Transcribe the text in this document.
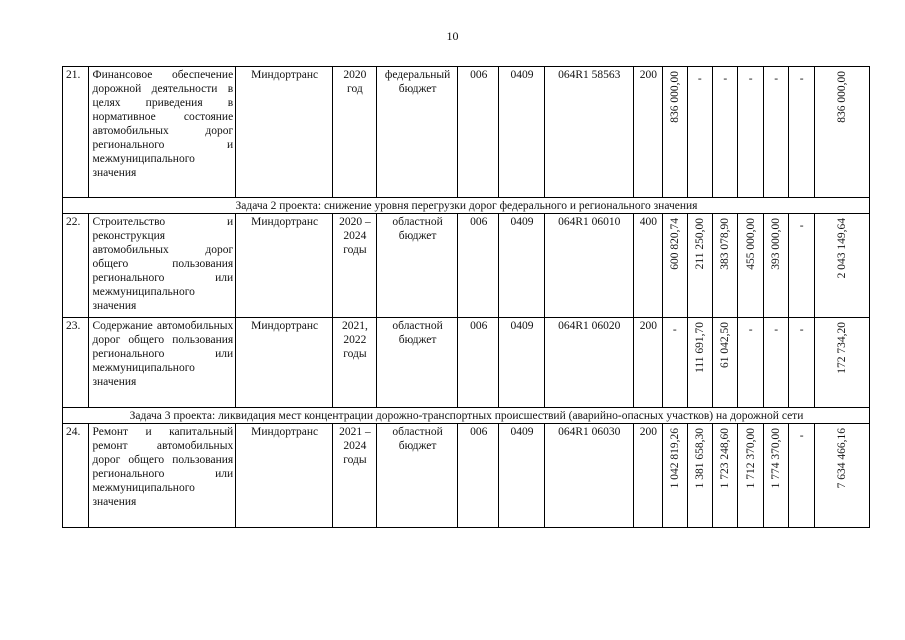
10
21.	Финансовое обеспечение дорожной деятельности в целях приведения в нормативное состояние автомобильных дорог регионального и межмуниципального значения	Миндортранс	2020 год	федеральный бюджет	006	0409	064R1 58563	200	836 000,00	-	-	-	-	-	836 000,00

Задача 2 проекта: снижение уровня перегрузки дорог федерального и регионального значения															
22.	Строительство и реконструкция автомобильных дорог общего пользования регионального или межмуниципального значения	Миндортранс	2020 – 2024 годы	областной бюджет	006	0409	064R1 06010	400	600 820,74	211 250,00	383 078,90	455 000,00	393 000,00	-	2 043 149,64

23.	Содержание автомобильных дорог общего пользования регионального или межмуниципального значения	Миндортранс	2021, 2022 годы	областной бюджет	006	0409	064R1 06020	200	-	111 691,70	61 042,50	-	-	-	172 734,20

Задача 3 проекта: ликвидация мест концентрации дорожно-транспортных происшествий (аварийно-опасных участков) на дорожной сети															
24.	Ремонт и капитальный ремонт автомобильных дорог общего пользования регионального или межмуниципального значения	Миндортранс	2021 – 2024 годы	областной бюджет	006	0409	064R1 06030	200	1 042 819,26	1 381 658,30	1 723 248,60	1 712 370,00	1 774 370,00	-	7 634 466,16
